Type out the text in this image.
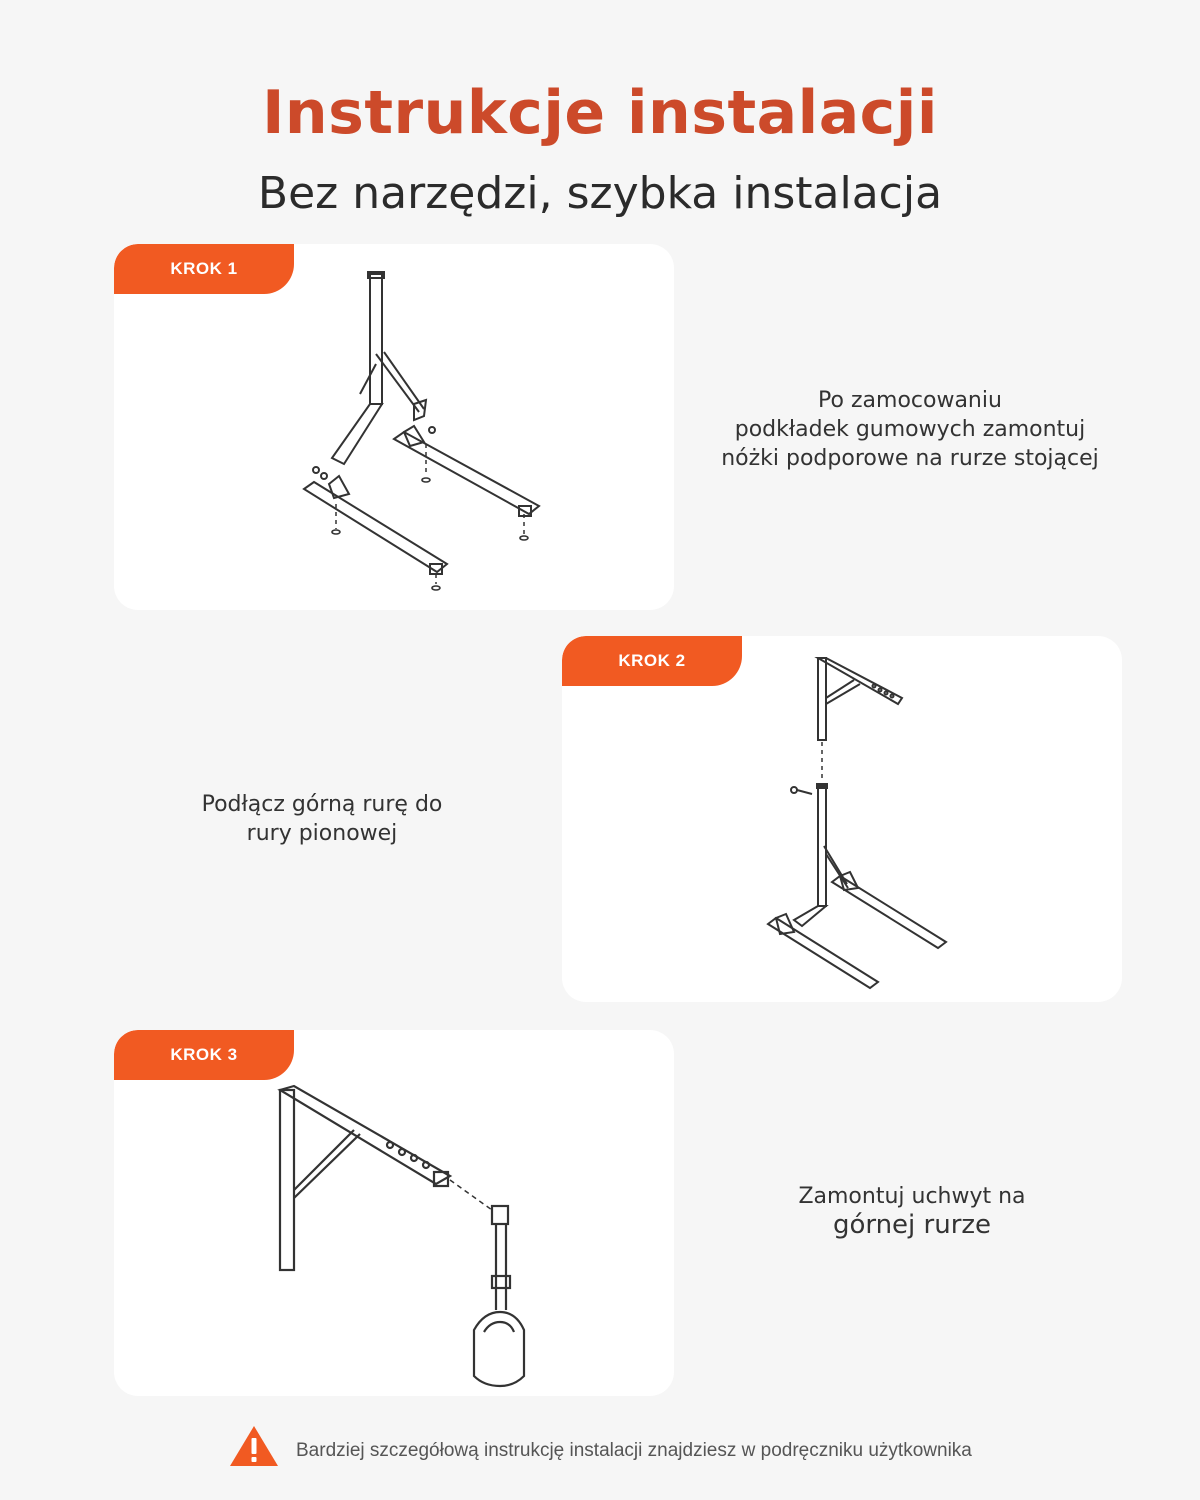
Instrukcje instalacji
Bez narzędzi, szybka instalacja
KROK 1
Po zamocowaniu
podkładek gumowych zamontuj
nóżki podporowe na rurze stojącej
KROK 2
Podłącz górną rurę do
rury pionowej
KROK 3
Zamontuj uchwyt na
górnej rurze
Bardziej szczegółową instrukcję instalacji znajdziesz w podręczniku użytkownika
